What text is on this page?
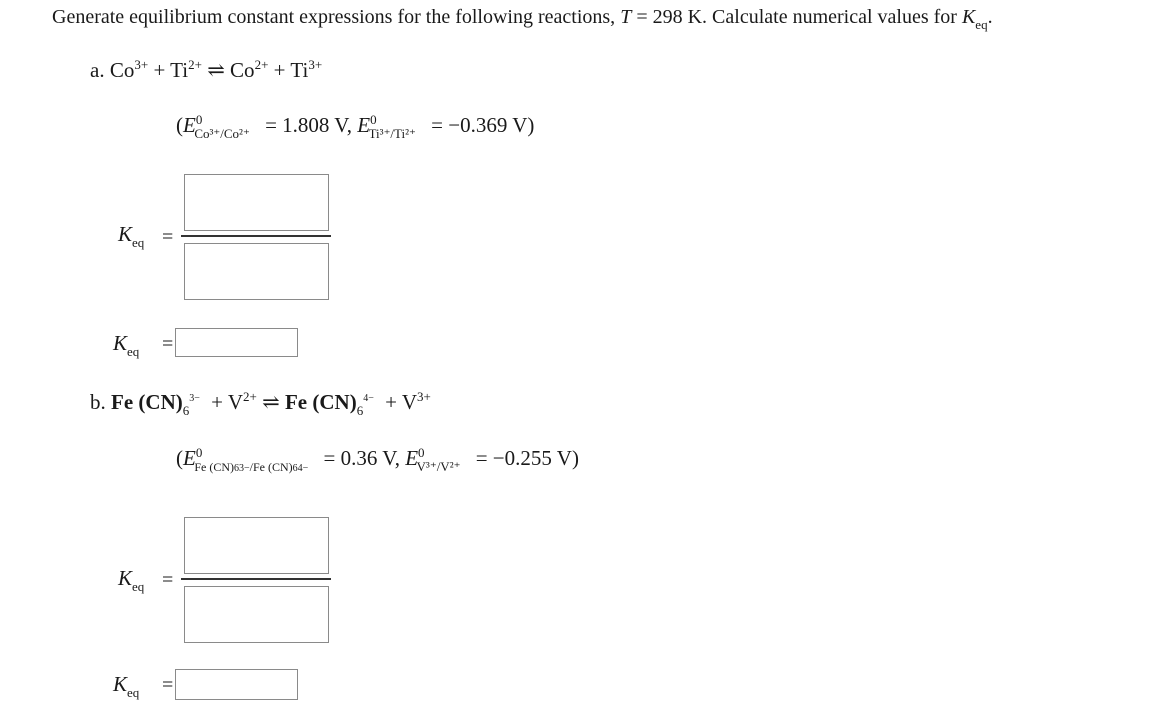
Generate equilibrium constant expressions for the following reactions, T = 298 K. Calculate numerical values for $K_{eq}$.
a. $Co^{3+} + Ti^{2+}$ ⇌ $Co^{2+} + Ti^{3+}$
($E^0_{Co^{3+}/Co^{2+}} = 1.808$ V, $E^0_{Ti^{3+}/Ti^{2+}} = -0.369$ V)
$K_{eq}$ =
$K_{eq}$ =
b. Fe $(CN)_6^{3-} + V^{2+}$ ⇌ Fe $(CN)_6^{4-} + V^{3+}$
($E^0_{Fe (CN)63-/Fe (CN)64-} = 0.36$ V, $E^0_{V^{3+}/V^{2+}} = -0.255$ V)
$K_{eq}$ =
$K_{eq}$ =
